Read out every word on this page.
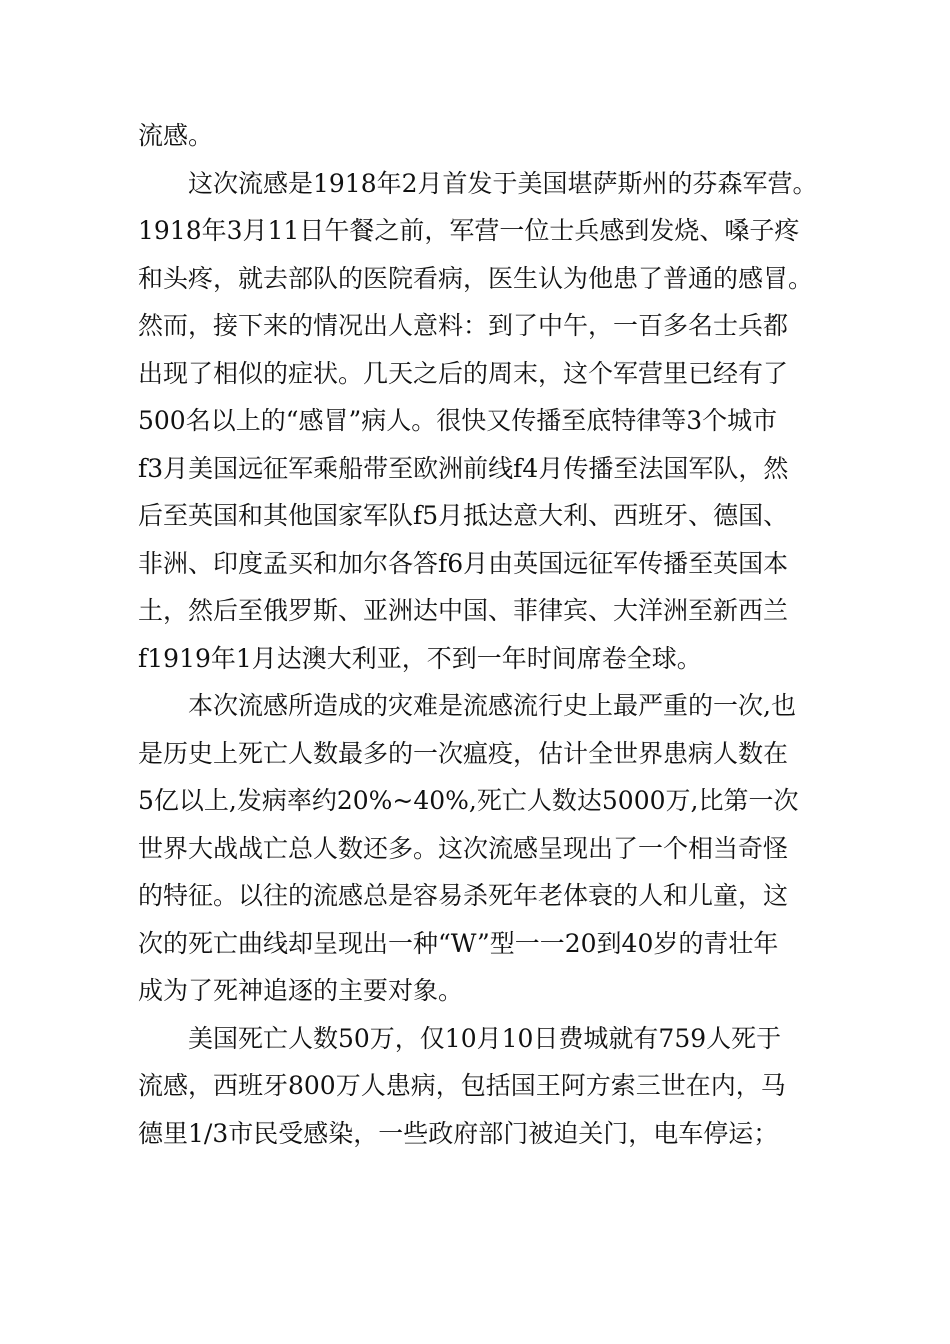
流感。
这次流感是1918年2月首发于美国堪萨斯州的芬森军营。
1918年3月11日午餐之前，军营一位士兵感到发烧、嗓子疼
和头疼，就去部队的医院看病，医生认为他患了普通的感冒。
然而，接下来的情况出人意料：到了中午，一百多名士兵都
出现了相似的症状。几天之后的周末，这个军营里已经有了
500名以上的“感冒”病人。很快又传播至底特律等3个城市
f3月美国远征军乘船带至欧洲前线f4月传播至法国军队，然
后至英国和其他国家军队f5月抵达意大利、西班牙、德国、
非洲、印度孟买和加尔各答f6月由英国远征军传播至英国本
土，然后至俄罗斯、亚洲达中国、菲律宾、大洋洲至新西兰
f1919年1月达澳大利亚，不到一年时间席卷全球。
本次流感所造成的灾难是流感流行史上最严重的一次,也
是历史上死亡人数最多的一次瘟疫，估计全世界患病人数在
5亿以上,发病率约20%~40%,死亡人数达5000万,比第一次
世界大战战亡总人数还多。这次流感呈现出了一个相当奇怪
的特征。以往的流感总是容易杀死年老体衰的人和儿童，这
次的死亡曲线却呈现出一种“W”型一一20到40岁的青壮年
成为了死神追逐的主要对象。
美国死亡人数50万，仅10月10日费城就有759人死于
流感，西班牙800万人患病，包括国王阿方索三世在内，马
德里1/3市民受感染，一些政府部门被迫关门，电车停运；
